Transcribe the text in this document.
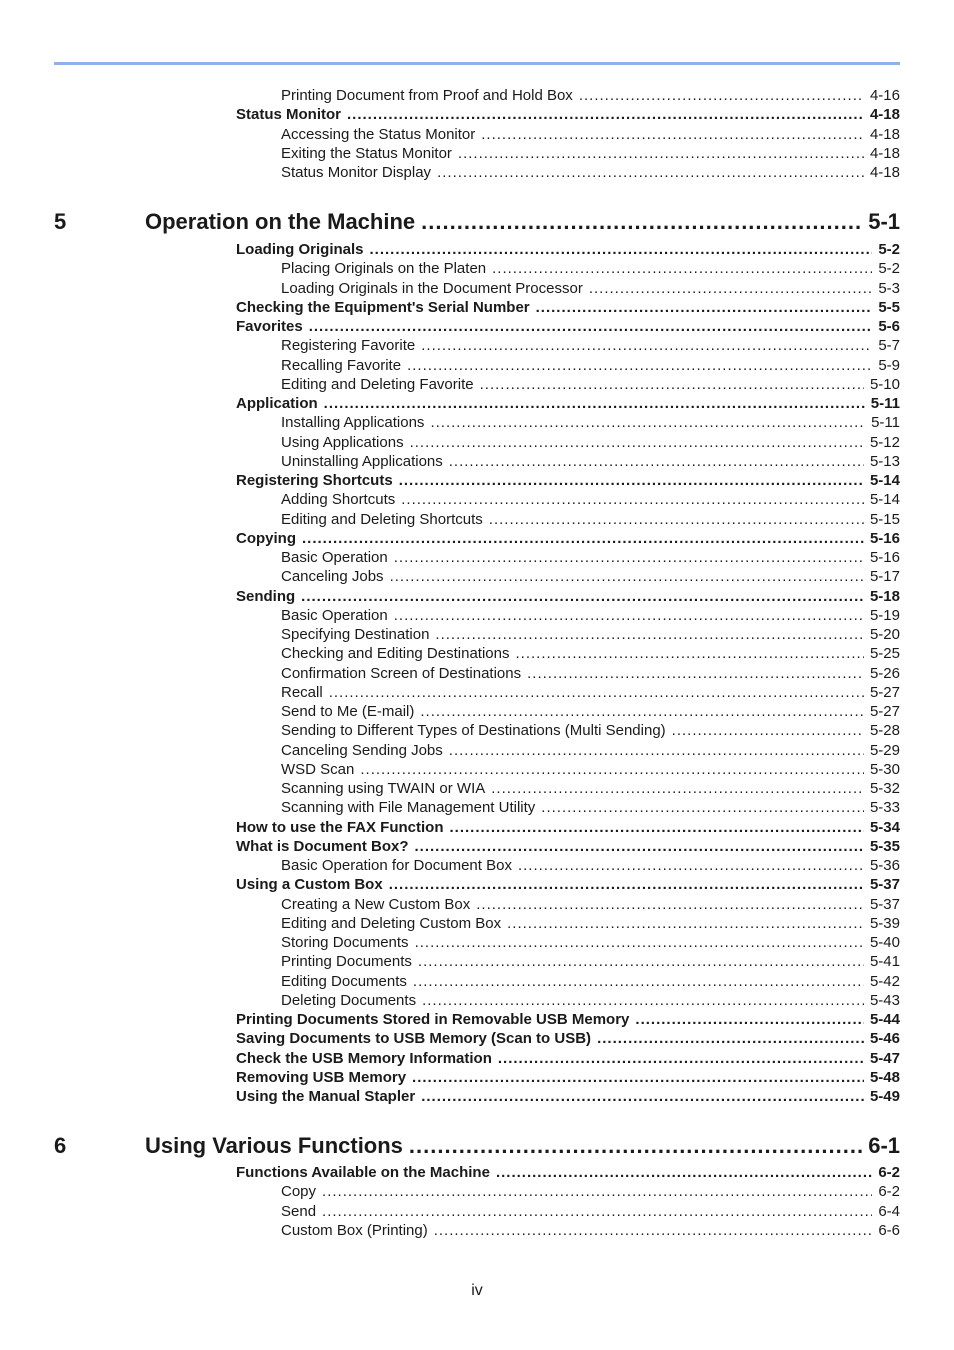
Printing Document from Proof and Hold Box .....	4-16
Status Monitor .....	4-18
Accessing the Status Monitor .....	4-18
Exiting the Status Monitor .....	4-18
Status Monitor Display .....	4-18
5	Operation on the Machine .....	5-1
Loading Originals .....	5-2
Placing Originals on the Platen .....	5-2
Loading Originals in the Document Processor .....	5-3
Checking the Equipment's Serial Number .....	5-5
Favorites .....	5-6
Registering Favorite .....	5-7
Recalling Favorite .....	5-9
Editing and Deleting Favorite .....	5-10
Application .....	5-11
Installing Applications .....	5-11
Using Applications .....	5-12
Uninstalling Applications .....	5-13
Registering Shortcuts .....	5-14
Adding Shortcuts .....	5-14
Editing and Deleting Shortcuts .....	5-15
Copying .....	5-16
Basic Operation .....	5-16
Canceling Jobs .....	5-17
Sending .....	5-18
Basic Operation .....	5-19
Specifying Destination .....	5-20
Checking and Editing Destinations .....	5-25
Confirmation Screen of Destinations .....	5-26
Recall .....	5-27
Send to Me (E-mail) .....	5-27
Sending to Different Types of Destinations (Multi Sending) .....	5-28
Canceling Sending Jobs .....	5-29
WSD Scan .....	5-30
Scanning using TWAIN or WIA .....	5-32
Scanning with File Management Utility .....	5-33
How to use the FAX Function .....	5-34
What is Document Box? .....	5-35
Basic Operation for Document Box .....	5-36
Using a Custom Box .....	5-37
Creating a New Custom Box .....	5-37
Editing and Deleting Custom Box .....	5-39
Storing Documents .....	5-40
Printing Documents .....	5-41
Editing Documents .....	5-42
Deleting Documents .....	5-43
Printing Documents Stored in Removable USB Memory .....	5-44
Saving Documents to USB Memory (Scan to USB) .....	5-46
Check the USB Memory Information .....	5-47
Removing USB Memory .....	5-48
Using the Manual Stapler .....	5-49
6	Using Various Functions .....	6-1
Functions Available on the Machine .....	6-2
Copy .....	6-2
Send .....	6-4
Custom Box (Printing) .....	6-6
iv
